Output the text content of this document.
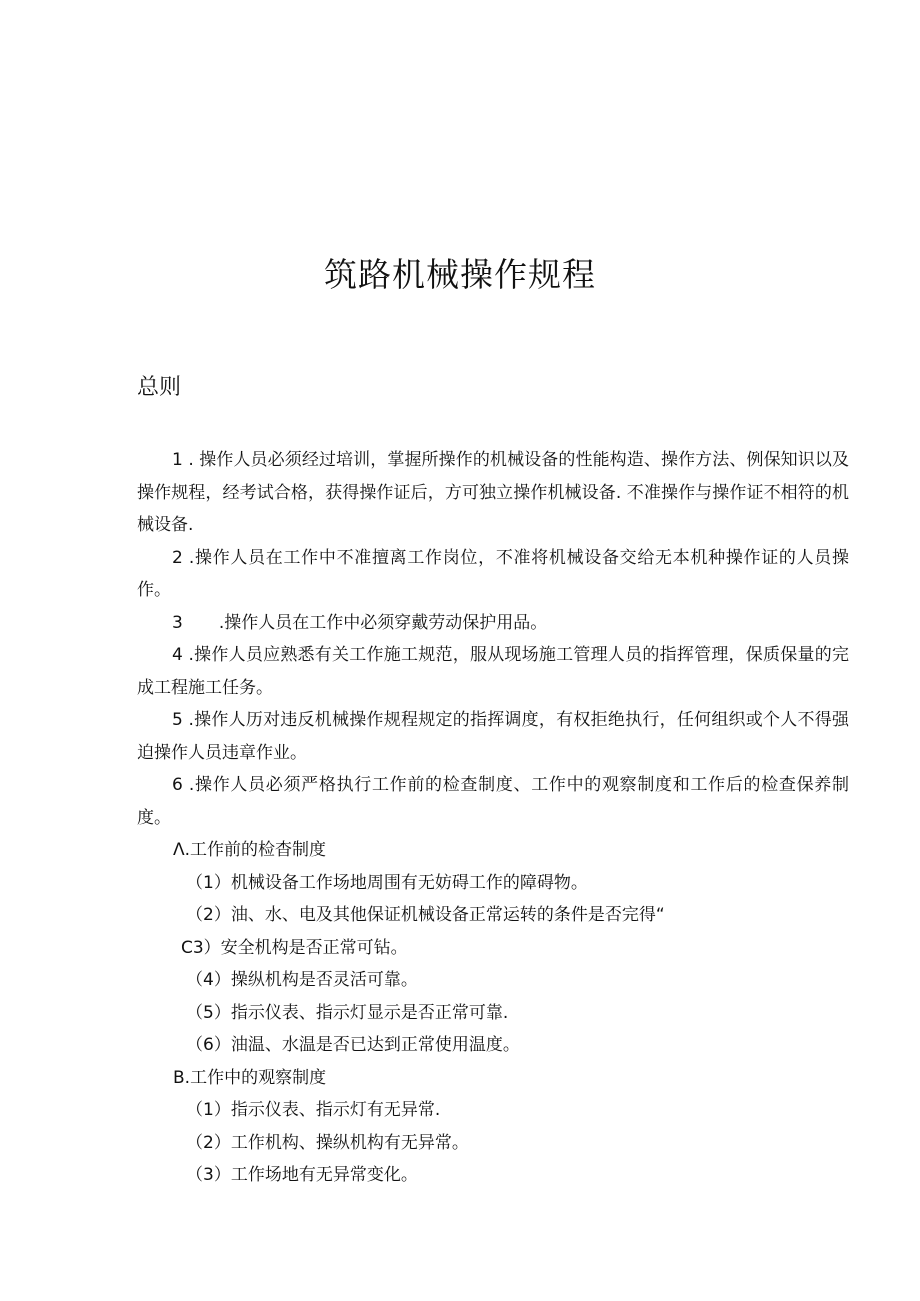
筑路机械操作规程
总则

1 . 操作人员必须经过培训，掌握所操作的机械设备的性能构造、操作方法、例保知识以及操作规程，经考试合格，获得操作证后，方可独立操作机械设备. 不准操作与操作证不相符的机械设备.

2 .操作人员在工作中不准擅离工作岗位，不准将机械设备交给无本机种操作证的人员操作。

3 .操作人员在工作中必须穿戴劳动保护用品。

4 .操作人员应熟悉有关工作施工规范，服从现场施工管理人员的指挥管理，保质保量的完成工程施工任务。

5 .操作人历对违反机械操作规程规定的指挥调度，有权拒绝执行，任何组织或个人不得强迫操作人员违章作业。

6 .操作人员必须严格执行工作前的检查制度、工作中的观察制度和工作后的检查保养制度。

Λ.工作前的检杳制度

（1）机械设备工作场地周围有无妨碍工作的障碍物。

（2）油、水、电及其他保证机械设备正常运转的条件是否完得“

C3）安全机构是否正常可钻。

（4）操纵机构是否灵活可靠。

（5）指示仪表、指示灯显示是否正常可靠.

（6）油温、水温是否已达到正常使用温度。

B.工作中的观察制度

（1）指示仪表、指示灯有无异常.

（2）工作机构、操纵机构有无异常。

（3）工作场地有无异常变化。
